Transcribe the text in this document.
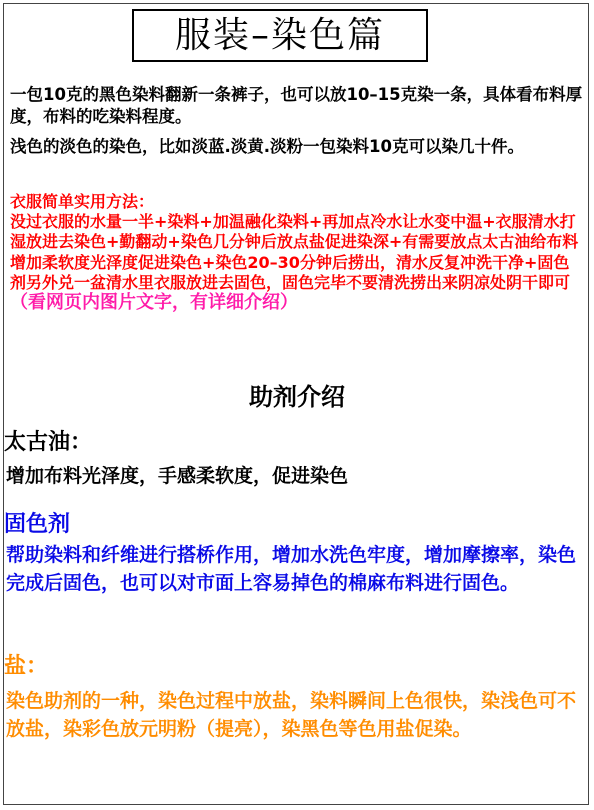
服装–染色篇
一包10克的黑色染料翻新一条裤子，也可以放10–15克染一条，具体看布料厚度，布料的吃染料程度。
浅色的淡色的染色，比如淡蓝.淡黄.淡粉一包染料10克可以染几十件。
衣服简单实用方法：
没过衣服的水量一半+染料+加温融化染料+再加点冷水让水变中温+衣服清水打湿放进去染色+勤翻动+染色几分钟后放点盐促进染深+有需要放点太古油给布料增加柔软度光泽度促进染色+染色20–30分钟后捞出，清水反复冲洗干净+固色剂另外兑一盆清水里衣服放进去固色，固色完毕不要清洗捞出来阴凉处阴干即可（看网页内图片文字，有详细介绍）
助剂介绍
太古油：
增加布料光泽度，手感柔软度，促进染色
固色剂
帮助染料和纤维进行搭桥作用，增加水洗色牢度，增加摩擦率，染色完成后固色，也可以对市面上容易掉色的棉麻布料进行固色。
盐：
染色助剂的一种，染色过程中放盐，染料瞬间上色很快，染浅色可不放盐，染彩色放元明粉（提亮），染黑色等色用盐促染。
